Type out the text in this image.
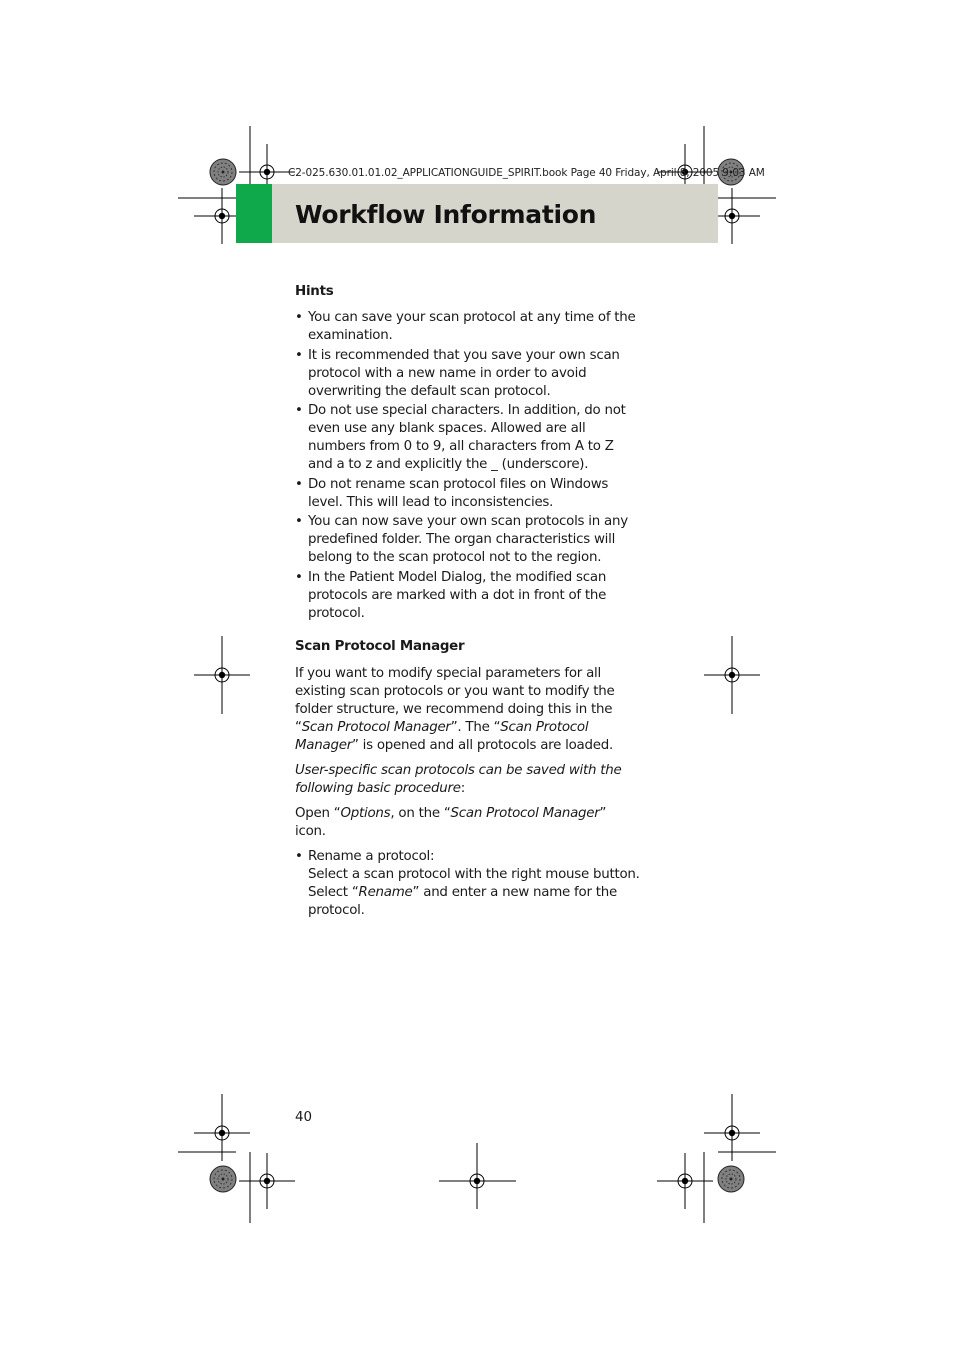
C2-025.630.01.01.02_APPLICATIONGUIDE_SPIRIT.book Page 40 Friday, April 8, 2005 9:03 AM
Workflow Information
Hints
• You can save your scan protocol at any time of the examination.
• It is recommended that you save your own scan protocol with a new name in order to avoid overwriting the default scan protocol.
• Do not use special characters. In addition, do not even use any blank spaces. Allowed are all numbers from 0 to 9, all characters from A to Z and a to z and explicitly the _ (underscore).
• Do not rename scan protocol files on Windows level. This will lead to inconsistencies.
• You can now save your own scan protocols in any predefined folder. The organ characteristics will belong to the scan protocol not to the region.
• In the Patient Model Dialog, the modified scan protocols are marked with a dot in front of the protocol.
Scan Protocol Manager

If you want to modify special parameters for all existing scan protocols or you want to modify the folder structure, we recommend doing this in the “Scan Protocol Manager”. The “Scan Protocol Manager” is opened and all protocols are loaded.

User-specific scan protocols can be saved with the following basic procedure:

Open “Options, on the “Scan Protocol Manager” icon.

• Rename a protocol:
Select a scan protocol with the right mouse button. Select “Rename” and enter a new name for the protocol.
40
